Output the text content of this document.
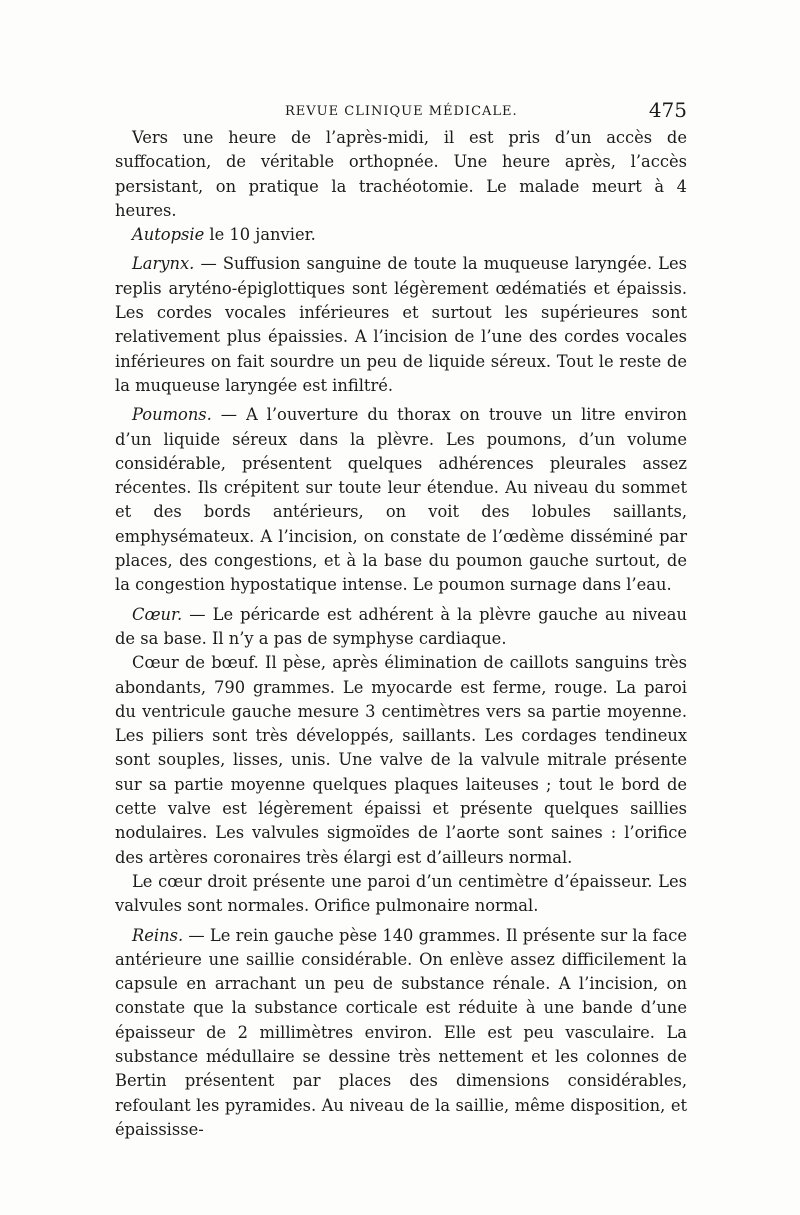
REVUE CLINIQUE MÉDICALE.	475

Vers une heure de l’après-midi, il est pris d’un accès de suffocation, de véritable orthopnée. Une heure après, l’accès persistant, on pratique la trachéotomie. Le malade meurt à 4 heures.

Autopsie le 10 janvier.

Larynx. — Suffusion sanguine de toute la muqueuse laryngée. Les replis aryténo-épiglottiques sont légèrement œdématiés et épaissis. Les cordes vocales inférieures et surtout les supérieures sont relativement plus épaissies. A l’incision de l’une des cordes vocales inférieures on fait sourdre un peu de liquide séreux. Tout le reste de la muqueuse laryngée est infiltré.

Poumons. — A l’ouverture du thorax on trouve un litre environ d’un liquide séreux dans la plèvre. Les poumons, d’un volume considérable, présentent quelques adhérences pleurales assez récentes. Ils crépitent sur toute leur étendue. Au niveau du sommet et des bords antérieurs, on voit des lobules saillants, emphysémateux. A l’incision, on constate de l’œdème disséminé par places, des congestions, et à la base du poumon gauche surtout, de la congestion hypostatique intense. Le poumon surnage dans l’eau.

Cœur. — Le péricarde est adhérent à la plèvre gauche au niveau de sa base. Il n’y a pas de symphyse cardiaque.

Cœur de bœuf. Il pèse, après élimination de caillots sanguins très abondants, 790 grammes. Le myocarde est ferme, rouge. La paroi du ventricule gauche mesure 3 centimètres vers sa partie moyenne. Les piliers sont très développés, saillants. Les cordages tendineux sont souples, lisses, unis. Une valve de la valvule mitrale présente sur sa partie moyenne quelques plaques laiteuses ; tout le bord de cette valve est légèrement épaissi et présente quelques saillies nodulaires. Les valvules sigmoïdes de l’aorte sont saines : l’orifice des artères coronaires très élargi est d’ailleurs normal.

Le cœur droit présente une paroi d’un centimètre d’épaisseur. Les valvules sont normales. Orifice pulmonaire normal.

Reins. — Le rein gauche pèse 140 grammes. Il présente sur la face antérieure une saillie considérable. On enlève assez difficilement la capsule en arrachant un peu de substance rénale. A l’incision, on constate que la substance corticale est réduite à une bande d’une épaisseur de 2 millimètres environ. Elle est peu vasculaire. La substance médullaire se dessine très nettement et les colonnes de Bertin présentent par places des dimensions considérables, refoulant les pyramides. Au niveau de la saillie, même disposition, et épaississe-
